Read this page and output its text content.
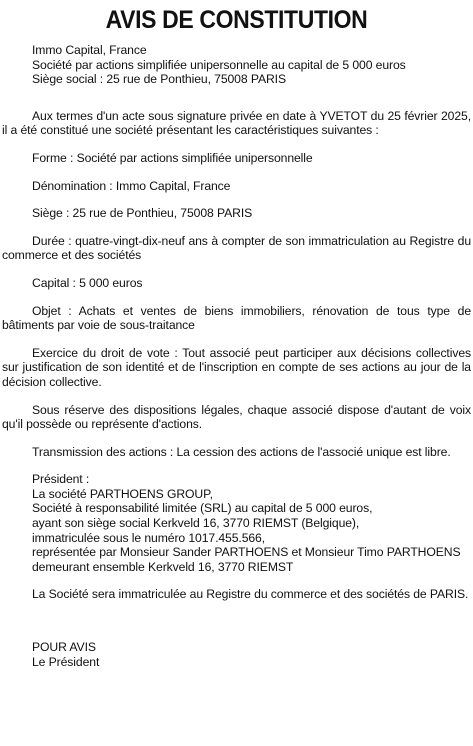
AVIS DE CONSTITUTION
Immo Capital, France
Société par actions simplifiée unipersonnelle au capital de 5 000 euros
Siège social : 25 rue de Ponthieu, 75008 PARIS

Aux termes d'un acte sous signature privée en date à YVETOT du 25 février 2025, il a été constitué une société présentant les caractéristiques suivantes :

Forme : Société par actions simplifiée unipersonnelle

Dénomination : Immo Capital, France

Siège : 25 rue de Ponthieu, 75008 PARIS

Durée : quatre-vingt-dix-neuf ans à compter de son immatriculation au Registre du commerce et des sociétés

Capital : 5 000 euros

Objet : Achats et ventes de biens immobiliers, rénovation de tous type de bâtiments par voie de sous-traitance

Exercice du droit de vote : Tout associé peut participer aux décisions collectives sur justification de son identité et de l'inscription en compte de ses actions au jour de la décision collective.

Sous réserve des dispositions légales, chaque associé dispose d'autant de voix qu'il possède ou représente d'actions.

Transmission des actions : La cession des actions de l'associé unique est libre.

Président :
La société PARTHOENS GROUP,
Société à responsabilité limitée (SRL) au capital de 5 000 euros,
ayant son siège social Kerkveld 16, 3770 RIEMST (Belgique),
immatriculée sous le numéro 1017.455.566,
représentée par Monsieur Sander PARTHOENS et Monsieur Timo PARTHOENS
demeurant ensemble Kerkveld 16, 3770 RIEMST

La Société sera immatriculée au Registre du commerce et des sociétés de PARIS.

POUR AVIS
Le Président
